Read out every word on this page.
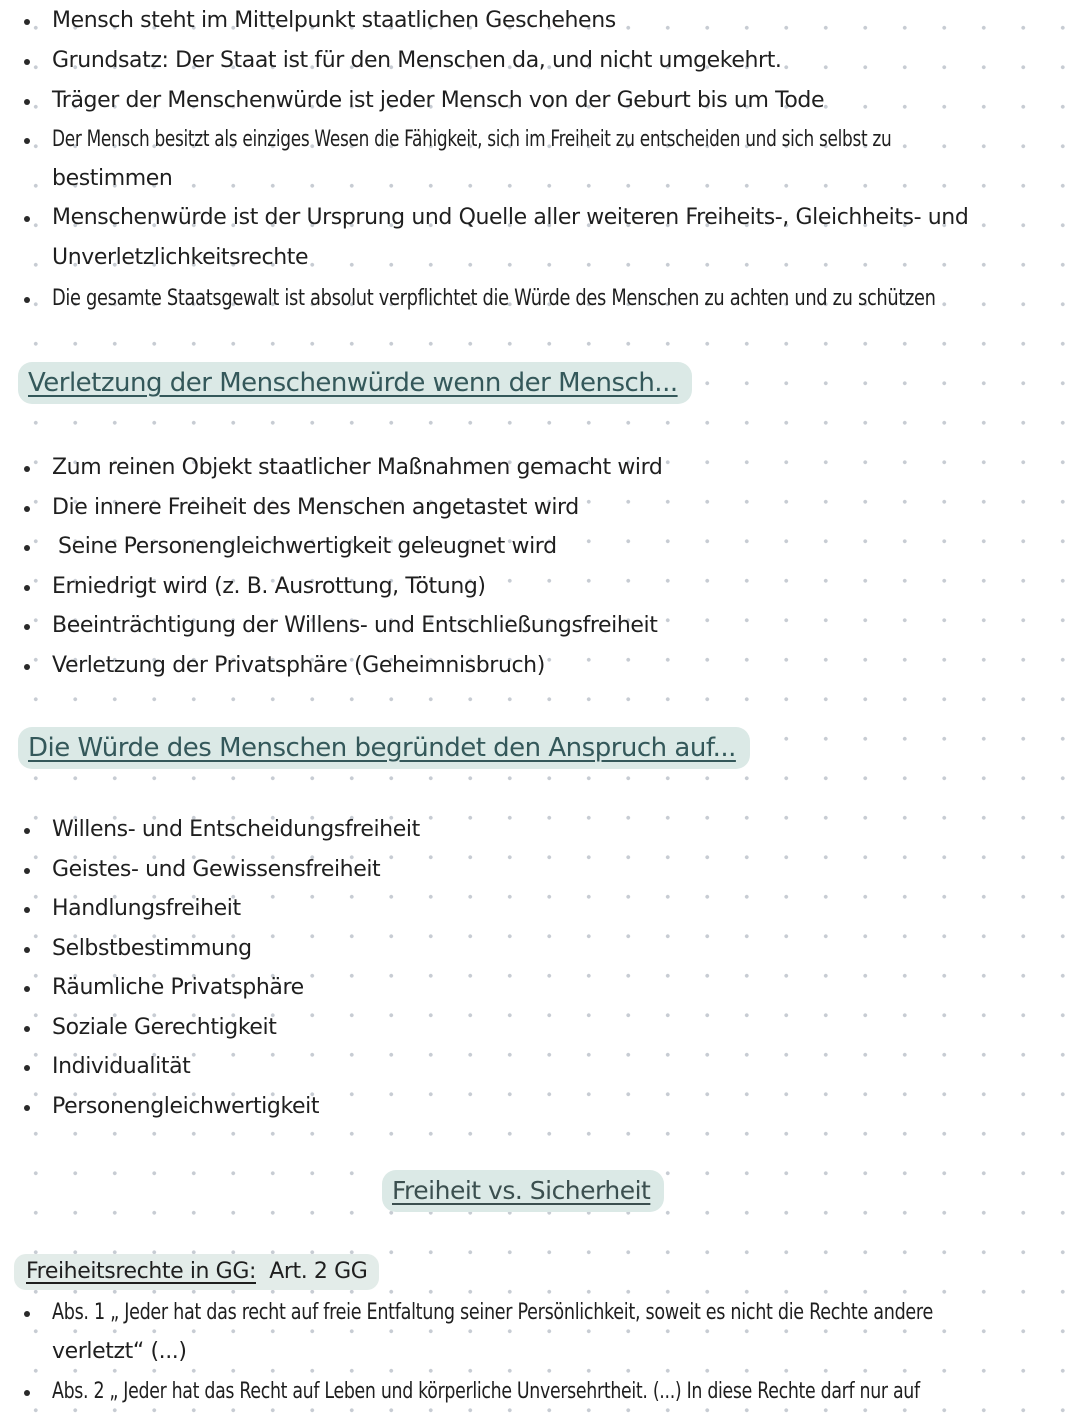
Mensch steht im Mittelpunkt staatlichen Geschehens
Grundsatz: Der Staat ist für den Menschen da, und nicht umgekehrt.
Träger der Menschenwürde ist jeder Mensch von der Geburt bis um Tode
Der Mensch besitzt als einziges Wesen die Fähigkeit, sich im Freiheit zu entscheiden und sich selbst zu
bestimmen
Menschenwürde ist der Ursprung und Quelle aller weiteren Freiheits-, Gleichheits- und
Unverletzlichkeitsrechte
Die gesamte Staatsgewalt ist absolut verpflichtet die Würde des Menschen zu achten und zu schützen
Verletzung der Menschenwürde wenn der Mensch...
Zum reinen Objekt staatlicher Maßnahmen gemacht wird
Die innere Freiheit des Menschen angetastet wird
Seine Personengleichwertigkeit geleugnet wird
Erniedrigt wird (z. B. Ausrottung, Tötung)
Beeinträchtigung der Willens- und Entschließungsfreiheit
Verletzung der Privatsphäre (Geheimnisbruch)
Die Würde des Menschen begründet den Anspruch auf...
Willens- und Entscheidungsfreiheit
Geistes- und Gewissensfreiheit
Handlungsfreiheit
Selbstbestimmung
Räumliche Privatsphäre
Soziale Gerechtigkeit
Individualität
Personengleichwertigkeit
Freiheit vs. Sicherheit
Freiheitsrechte in GG: Art. 2 GG
Abs. 1 „ Jeder hat das recht auf freie Entfaltung seiner Persönlichkeit, soweit es nicht die Rechte andere
verletzt“ (...)
Abs. 2 „ Jeder hat das Recht auf Leben und körperliche Unversehrtheit. (...) In diese Rechte darf nur auf
